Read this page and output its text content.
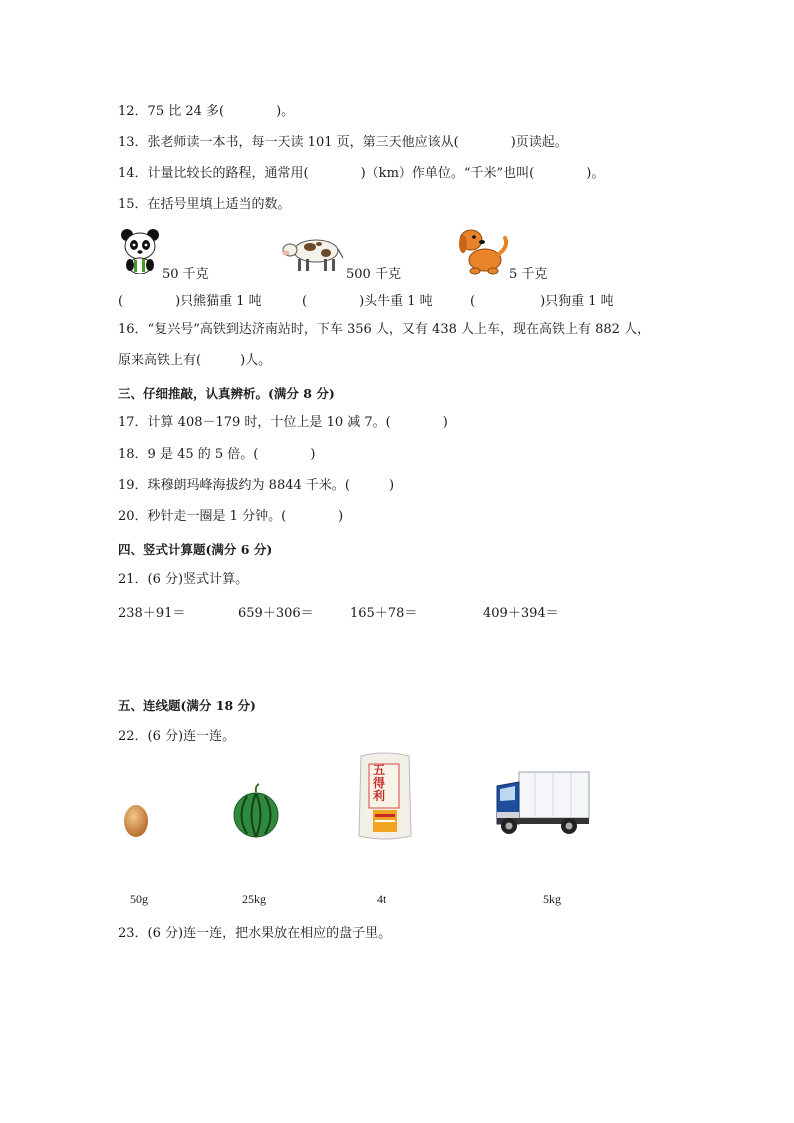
12．75 比 24 多(　　　　)。
13．张老师读一本书，每一天读 101 页，第三天他应该从(　　　　)页读起。
14．计量比较长的路程，通常用(　　　　)（km）作单位。“千米”也叫(　　　　)。
15．在括号里填上适当的数。
50 千克	500 千克	5 千克
(　　　　)只熊猫重 1 吨	(　　　　)头牛重 1 吨	(　　　　　)只狗重 1 吨
16．“复兴号”高铁到达济南站时，下车 356 人，又有 438 人上车，现在高铁上有 882 人，
原来高铁上有(　　　)人。
三、仔细推敲，认真辨析。(满分 8 分)
17．计算 408－179 时，十位上是 10 减 7。(　　　　)
18．9 是 45 的 5 倍。(　　　　)
19．珠穆朗玛峰海拔约为 8844 千米。(　　　)
20．秒针走一圈是 1 分钟。(　　　　)
四、竖式计算题(满分 6 分)
21．(6 分)竖式计算。
238＋91＝	659＋306＝	165＋78＝	409＋394＝
五、连线题(满分 18 分)
22．(6 分)连一连。
五得利
50g	25kg	4t	5kg
23．(6 分)连一连，把水果放在相应的盘子里。
